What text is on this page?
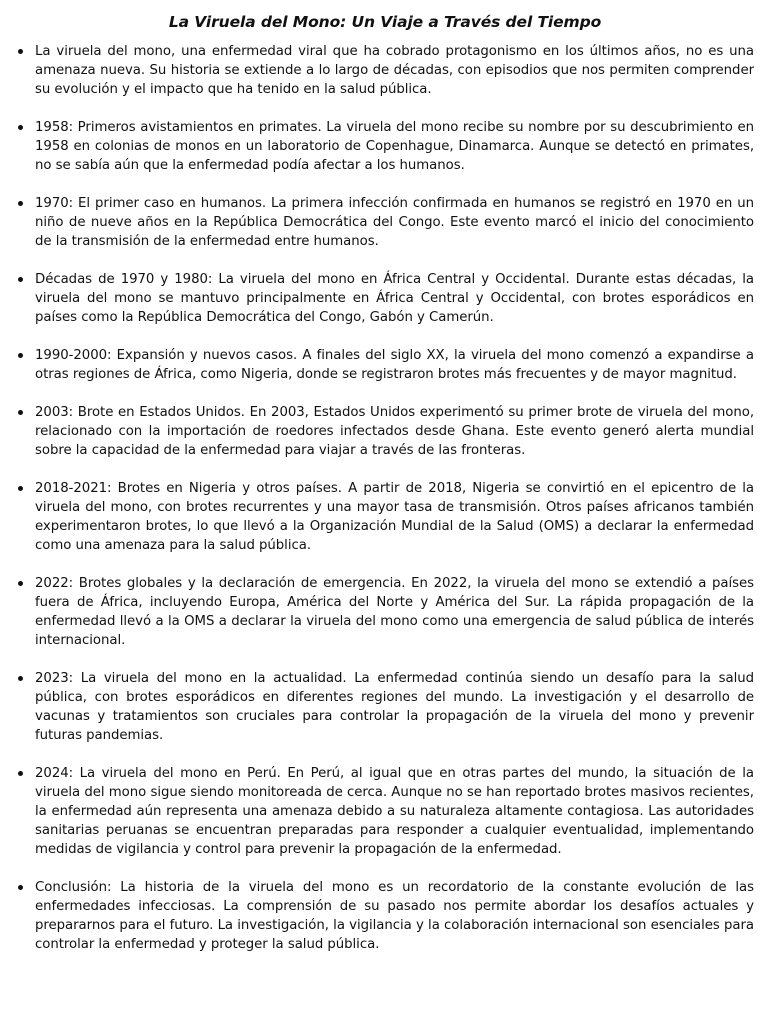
La Viruela del Mono: Un Viaje a Través del Tiempo
La viruela del mono, una enfermedad viral que ha cobrado protagonismo en los últimos años, no es una amenaza nueva. Su historia se extiende a lo largo de décadas, con episodios que nos permiten comprender su evolución y el impacto que ha tenido en la salud pública.
1958: Primeros avistamientos en primates. La viruela del mono recibe su nombre por su descubrimiento en 1958 en colonias de monos en un laboratorio de Copenhague, Dinamarca. Aunque se detectó en primates, no se sabía aún que la enfermedad podía afectar a los humanos.
1970: El primer caso en humanos. La primera infección confirmada en humanos se registró en 1970 en un niño de nueve años en la República Democrática del Congo. Este evento marcó el inicio del conocimiento de la transmisión de la enfermedad entre humanos.
Décadas de 1970 y 1980: La viruela del mono en África Central y Occidental. Durante estas décadas, la viruela del mono se mantuvo principalmente en África Central y Occidental, con brotes esporádicos en países como la República Democrática del Congo, Gabón y Camerún.
1990-2000: Expansión y nuevos casos. A finales del siglo XX, la viruela del mono comenzó a expandirse a otras regiones de África, como Nigeria, donde se registraron brotes más frecuentes y de mayor magnitud.
2003: Brote en Estados Unidos. En 2003, Estados Unidos experimentó su primer brote de viruela del mono, relacionado con la importación de roedores infectados desde Ghana. Este evento generó alerta mundial sobre la capacidad de la enfermedad para viajar a través de las fronteras.
2018-2021: Brotes en Nigeria y otros países. A partir de 2018, Nigeria se convirtió en el epicentro de la viruela del mono, con brotes recurrentes y una mayor tasa de transmisión. Otros países africanos también experimentaron brotes, lo que llevó a la Organización Mundial de la Salud (OMS) a declarar la enfermedad como una amenaza para la salud pública.
2022: Brotes globales y la declaración de emergencia. En 2022, la viruela del mono se extendió a países fuera de África, incluyendo Europa, América del Norte y América del Sur. La rápida propagación de la enfermedad llevó a la OMS a declarar la viruela del mono como una emergencia de salud pública de interés internacional.
2023: La viruela del mono en la actualidad. La enfermedad continúa siendo un desafío para la salud pública, con brotes esporádicos en diferentes regiones del mundo. La investigación y el desarrollo de vacunas y tratamientos son cruciales para controlar la propagación de la viruela del mono y prevenir futuras pandemias.
2024: La viruela del mono en Perú. En Perú, al igual que en otras partes del mundo, la situación de la viruela del mono sigue siendo monitoreada de cerca. Aunque no se han reportado brotes masivos recientes, la enfermedad aún representa una amenaza debido a su naturaleza altamente contagiosa. Las autoridades sanitarias peruanas se encuentran preparadas para responder a cualquier eventualidad, implementando medidas de vigilancia y control para prevenir la propagación de la enfermedad.
Conclusión: La historia de la viruela del mono es un recordatorio de la constante evolución de las enfermedades infecciosas. La comprensión de su pasado nos permite abordar los desafíos actuales y prepararnos para el futuro. La investigación, la vigilancia y la colaboración internacional son esenciales para controlar la enfermedad y proteger la salud pública.
